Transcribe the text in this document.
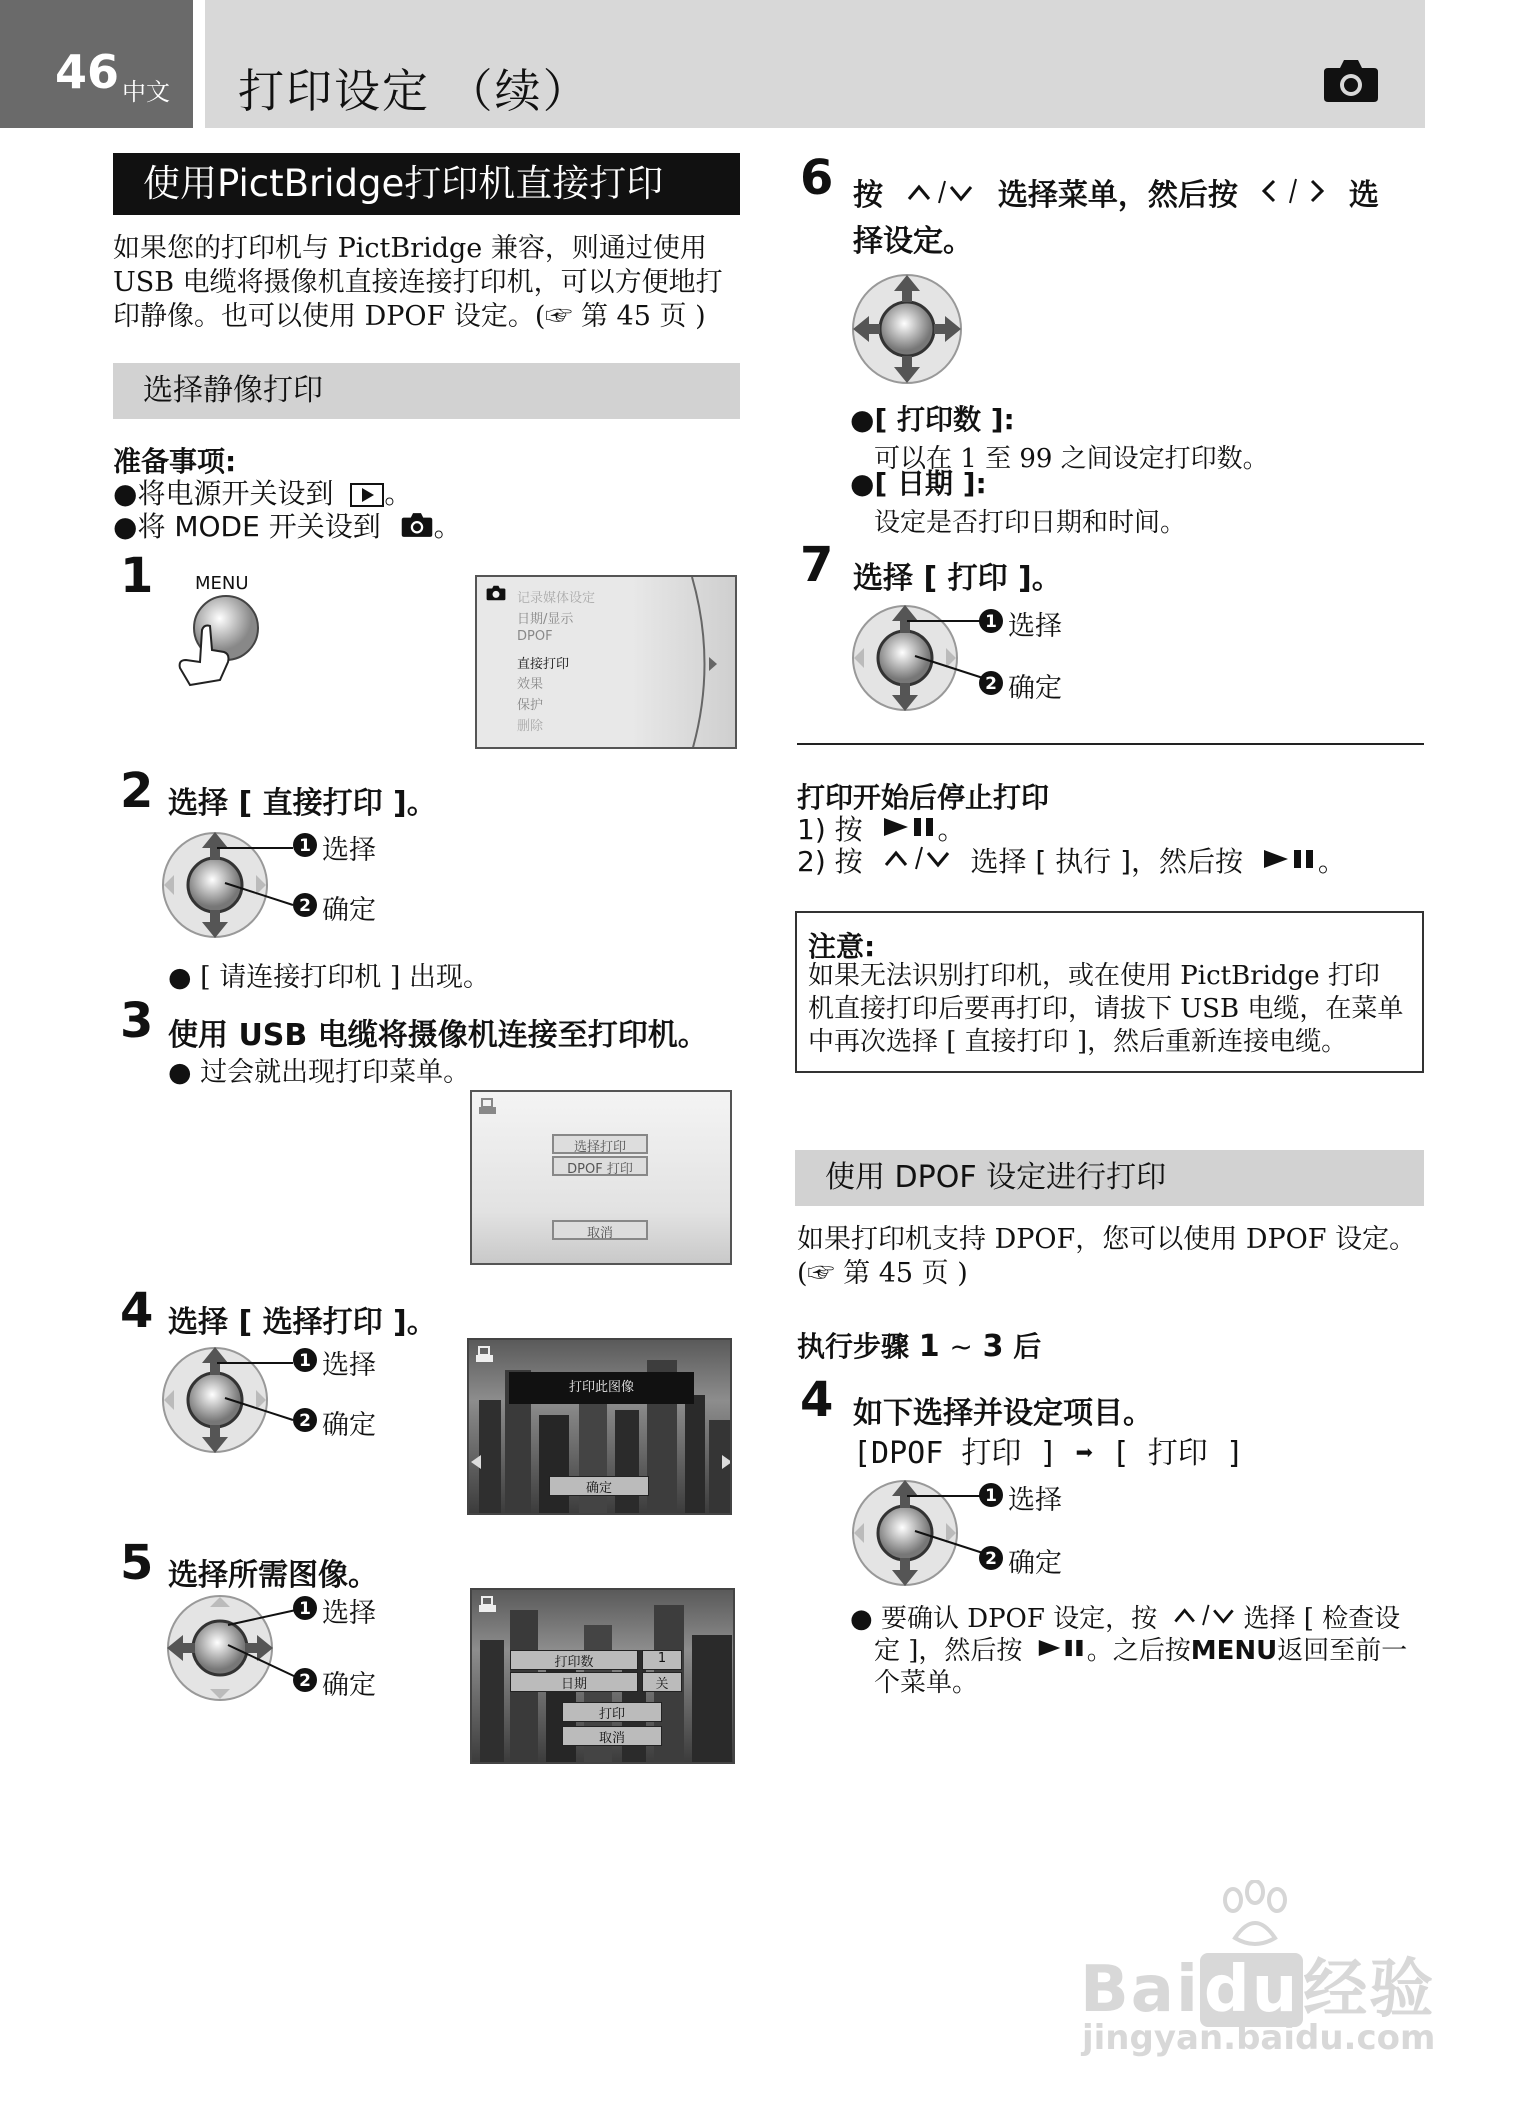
46 中文 打印设定 （续）
使用PictBridge打印机直接打印
如果您的打印机与 PictBridge 兼容，则通过使用
USB 电缆将摄像机直接连接打印机，可以方便地打
印静像。也可以使用 DPOF 设定。(☞ 第 45 页 )
选择静像打印
准备事项:
●将电源开关设到 。
●将 MODE 开关设到 。
1 MENU
记录媒体设定
日期/显示
DPOF
直接打印
效果
保护
删除
2 选择 [ 直接打印 ]。
1 选择
2 确定
● [ 请连接打印机 ] 出现。
3 使用 USB 电缆将摄像机连接至打印机。
● 过会就出现打印菜单。
选择打印
DPOF 打印
取消
4 选择 [ 选择打印 ]。
1 选择
2 确定
打印此图像
确定
5 选择所需图像。
1 选择
2 确定
打印数	1
日期	关
打印
取消
6 按	选择菜单，然后按	选
择设定。
●[ 打印数 ]:
可以在 1 至 99 之间设定打印数。
●[ 日期 ]:
设定是否打印日期和时间。
7 选择 [ 打印 ]。
1 选择
2 确定
打印开始后停止打印
1) 按	。
2) 按	选择 [ 执行 ]，然后按	。
注意:
如果无法识别打印机，或在使用 PictBridge 打印
机直接打印后要再打印，请拔下 USB 电缆，在菜单
中再次选择 [ 直接打印 ]，然后重新连接电缆。
使用 DPOF 设定进行打印
如果打印机支持 DPOF，您可以使用 DPOF 设定。
(☞ 第 45 页 )
执行步骤 1 ~ 3 后
4 如下选择并设定项目。
[DPOF 打印 ] ➡ [ 打印 ]
1 选择
2 确定
● 要确认 DPOF 设定，按	选择 [ 检查设
定 ]，然后按 。之后按MENU返回至前一
个菜单。
Baidu经验
jingyan.baidu.com
